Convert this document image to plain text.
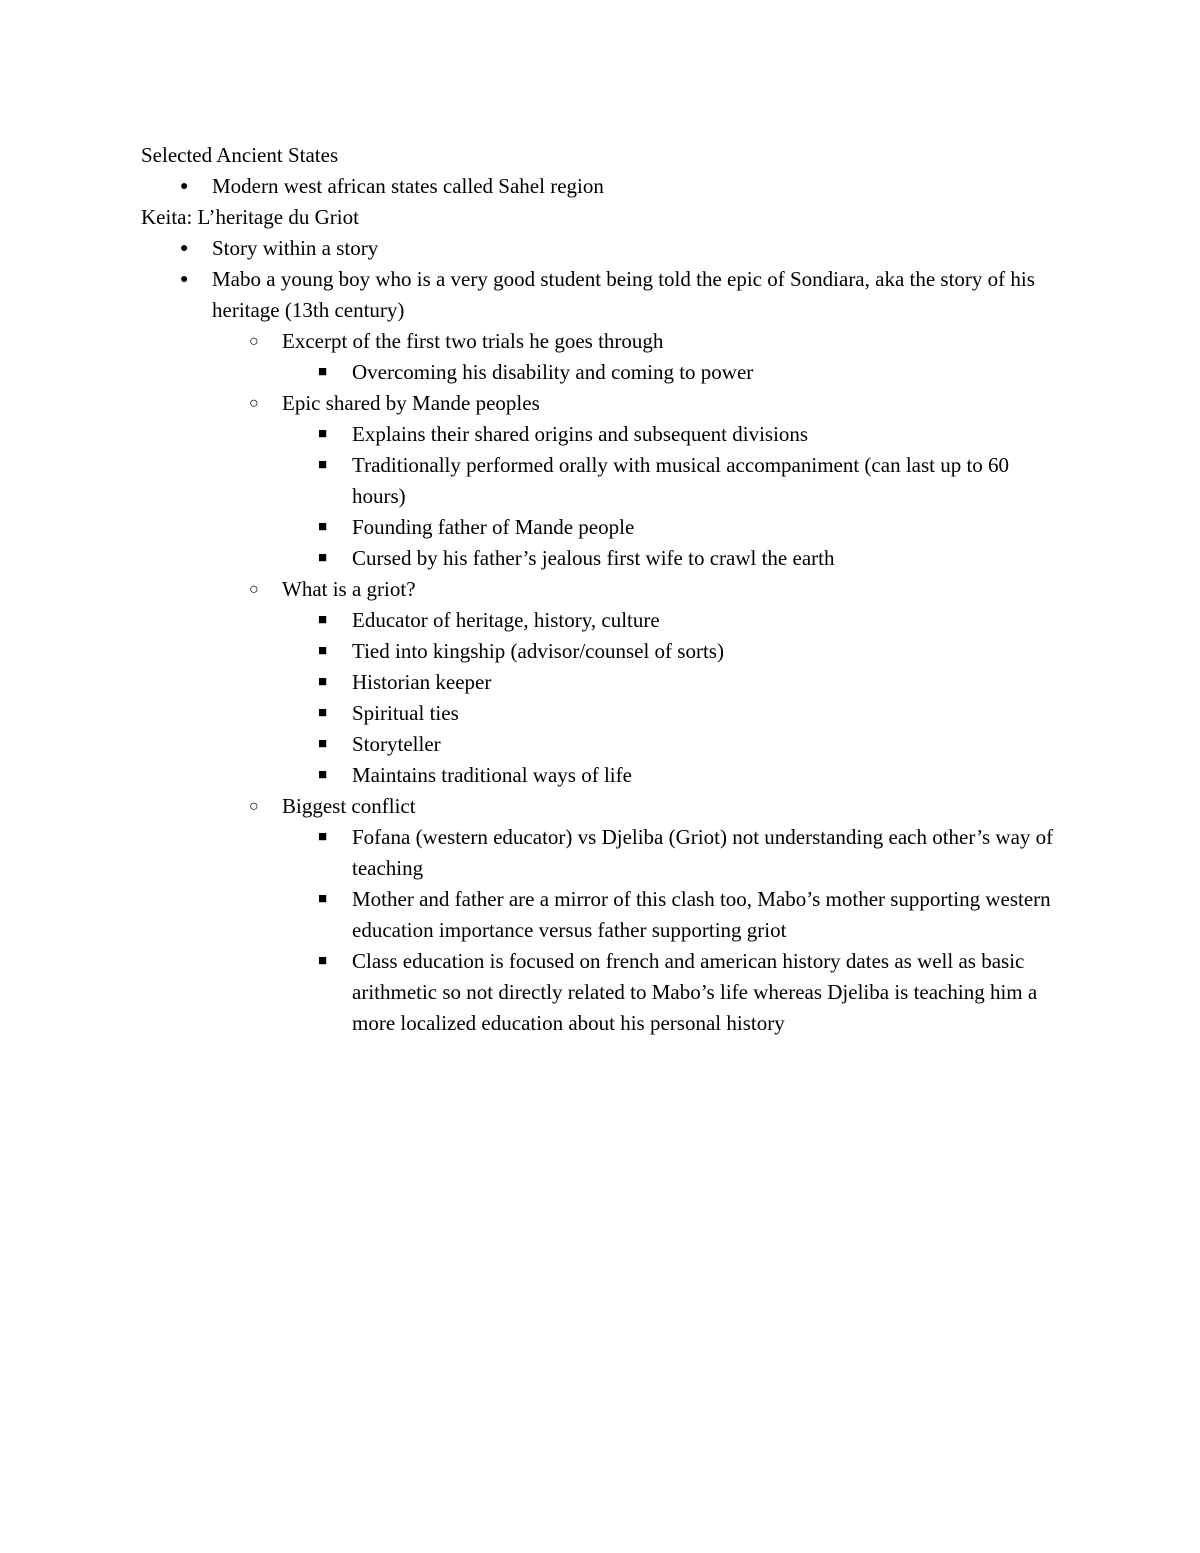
Selected Ancient States
● Modern west african states called Sahel region
Keita: L’heritage du Griot
● Story within a story
● Mabo a young boy who is a very good student being told the epic of Sondiara, aka the story of his heritage (13th century)
○ Excerpt of the first two trials he goes through
■ Overcoming his disability and coming to power
○ Epic shared by Mande peoples
■ Explains their shared origins and subsequent divisions
■ Traditionally performed orally with musical accompaniment (can last up to 60 hours)
■ Founding father of Mande people
■ Cursed by his father’s jealous first wife to crawl the earth
○ What is a griot?
■ Educator of heritage, history, culture
■ Tied into kingship (advisor/counsel of sorts)
■ Historian keeper
■ Spiritual ties
■ Storyteller
■ Maintains traditional ways of life
○ Biggest conflict
■ Fofana (western educator) vs Djeliba (Griot) not understanding each other’s way of teaching
■ Mother and father are a mirror of this clash too, Mabo’s mother supporting western education importance versus father supporting griot
■ Class education is focused on french and american history dates as well as basic arithmetic so not directly related to Mabo’s life whereas Djeliba is teaching him a more localized education about his personal history
